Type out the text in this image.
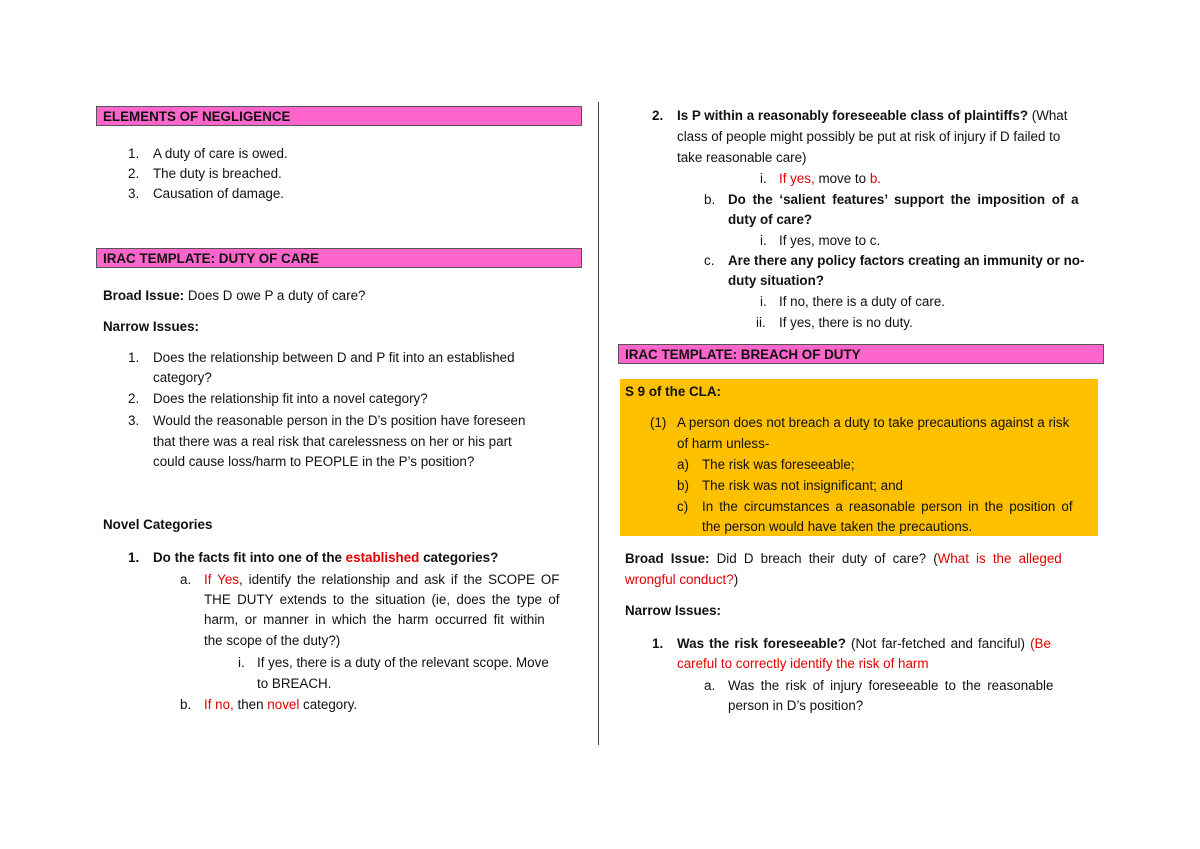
ELEMENTS OF NEGLIGENCE
1. A duty of care is owed.
2. The duty is breached.
3. Causation of damage.
IRAC TEMPLATE: DUTY OF CARE
Broad Issue: Does D owe P a duty of care?
Narrow Issues:
1. Does the relationship between D and P fit into an established
category?
2. Does the relationship fit into a novel category?
3. Would the reasonable person in the D’s position have foreseen
that there was a real risk that carelessness on her or his part
could cause loss/harm to PEOPLE in the P’s position?
Novel Categories
1. Do the facts fit into one of the established categories?
a. If Yes, identify the relationship and ask if the SCOPE OF
THE DUTY extends to the situation (ie, does the type of
harm, or manner in which the harm occurred fit within
the scope of the duty?)
i. If yes, there is a duty of the relevant scope. Move
to BREACH.
b. If no, then novel category.
2. Is P within a reasonably foreseeable class of plaintiffs? (What
class of people might possibly be put at risk of injury if D failed to
take reasonable care)
i. If yes, move to b.
b. Do the ‘salient features’ support the imposition of a
duty of care?
i. If yes, move to c.
c. Are there any policy factors creating an immunity or no-
duty situation?
i. If no, there is a duty of care.
ii. If yes, there is no duty.
IRAC TEMPLATE: BREACH OF DUTY
S 9 of the CLA:
(1) A person does not breach a duty to take precautions against a risk
of harm unless-
a) The risk was foreseeable;
b) The risk was not insignificant; and
c) In the circumstances a reasonable person in the position of
the person would have taken the precautions.
Broad Issue: Did D breach their duty of care? (What is the alleged
wrongful conduct?)
Narrow Issues:
1. Was the risk foreseeable? (Not far-fetched and fanciful) (Be
careful to correctly identify the risk of harm
a. Was the risk of injury foreseeable to the reasonable
person in D’s position?
